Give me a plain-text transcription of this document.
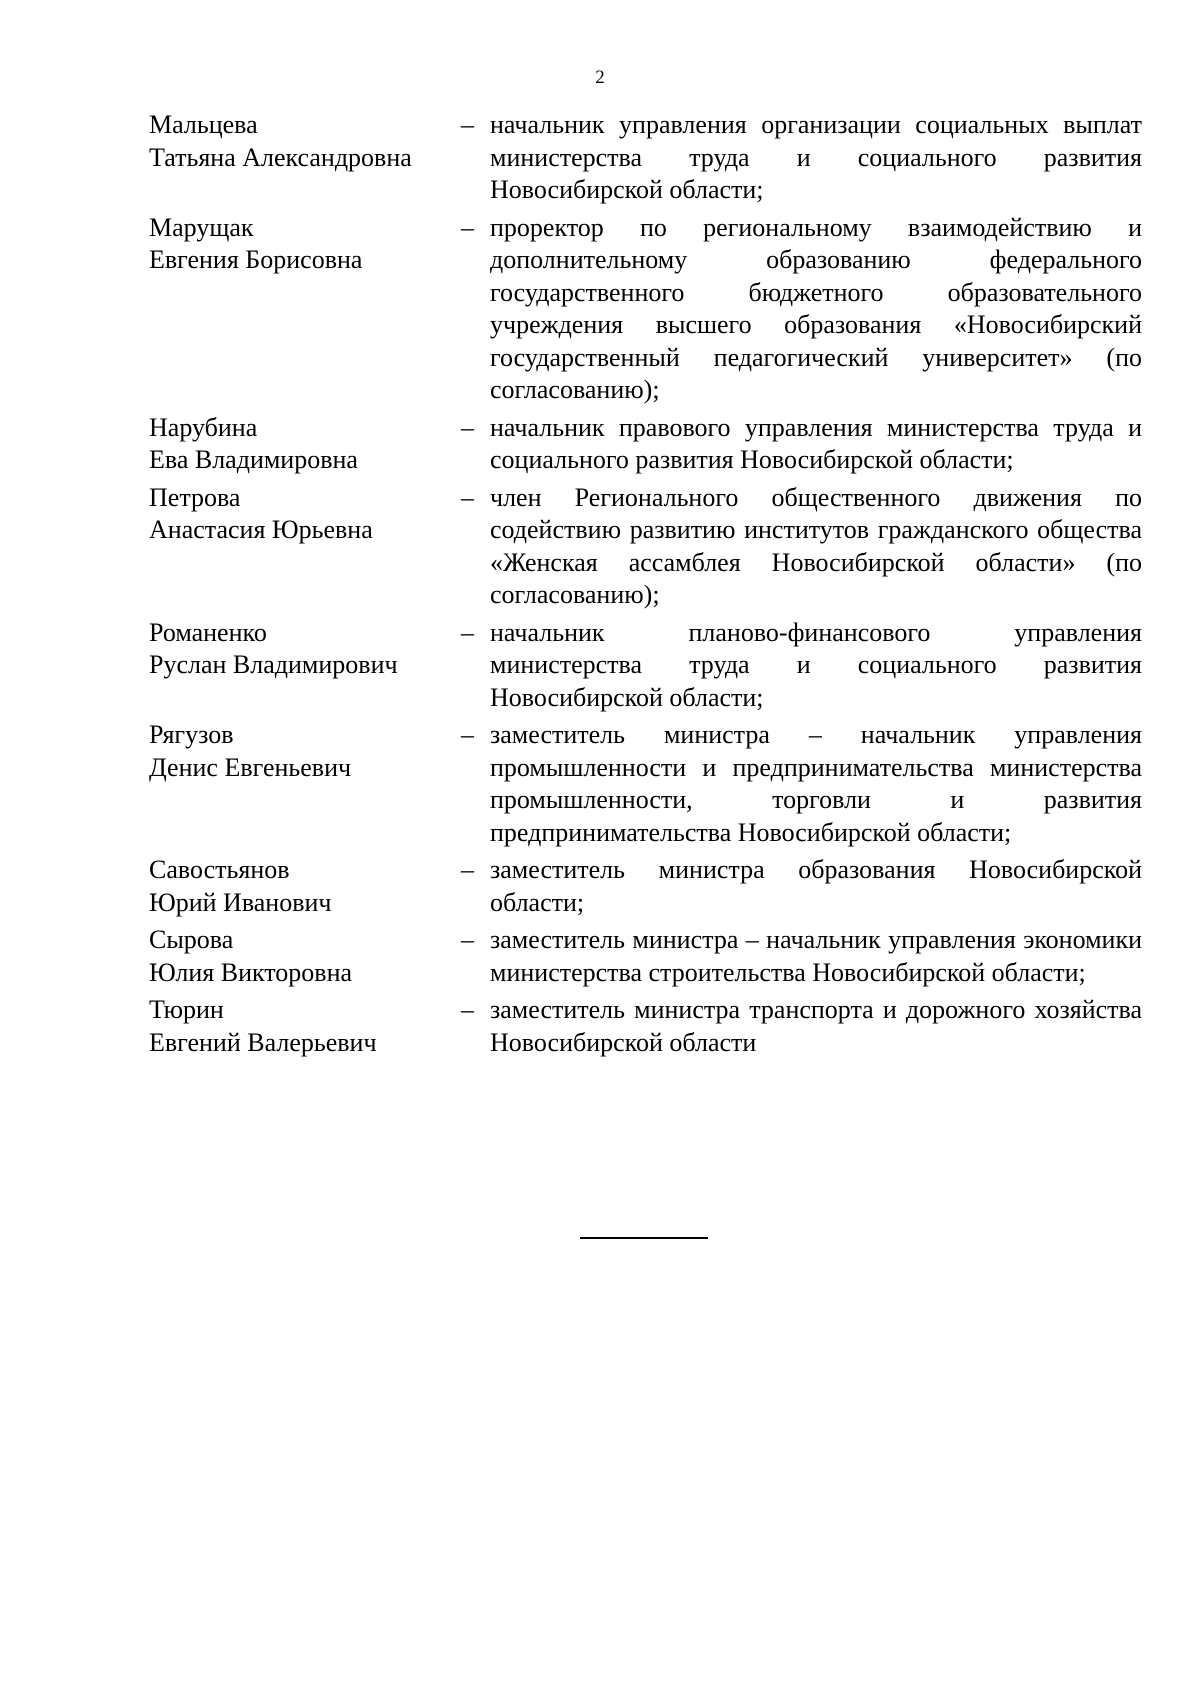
2
Мальцева
Татьяна Александровна
– начальник управления организации социальных выплат министерства труда и социального развития Новосибирской области;
Марущак
Евгения Борисовна
– проректор по региональному взаимодействию и дополнительному образованию федерального государственного бюджетного образовательного учреждения высшего образования «Новосибирский государственный педагогический университет» (по согласованию);
Нарубина
Ева Владимировна
– начальник правового управления министерства труда и социального развития Новосибирской области;
Петрова
Анастасия Юрьевна
– член Регионального общественного движения по содействию развитию институтов гражданского общества «Женская ассамблея Новосибирской области» (по согласованию);
Романенко
Руслан Владимирович
– начальник планово-финансового управления министерства труда и социального развития Новосибирской области;
Рягузов
Денис Евгеньевич
– заместитель министра – начальник управления промышленности и предпринимательства министерства промышленности, торговли и развития предпринимательства Новосибирской области;
Савостьянов
Юрий Иванович
– заместитель министра образования Новосибирской области;
Сырова
Юлия Викторовна
– заместитель министра – начальник управления экономики министерства строительства Новосибирской области;
Тюрин
Евгений Валерьевич
– заместитель министра транспорта и дорожного хозяйства Новосибирской области
